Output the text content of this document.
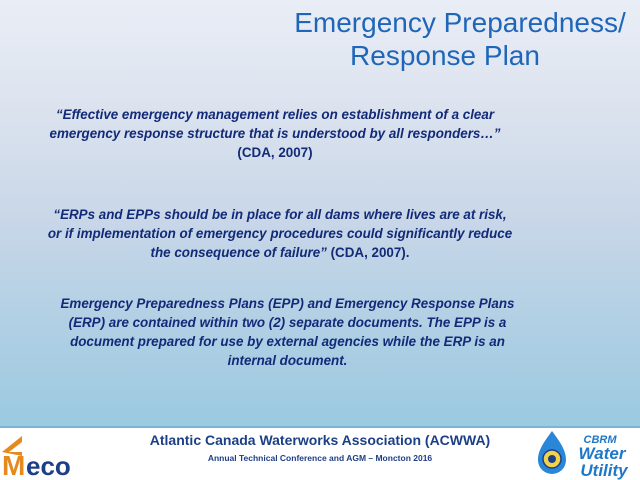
Emergency Preparedness/
Response Plan
“Effective emergency management relies on establishment of a clear emergency response structure that is understood by all responders…” (CDA, 2007)
“ERPs and EPPs should be in place for all dams where lives are at risk, or if implementation of emergency procedures could significantly reduce the consequence of failure” (CDA, 2007).
Emergency Preparedness Plans (EPP) and Emergency Response Plans (ERP) are contained within two (2) separate documents. The EPP is a document prepared for use by external agencies while the ERP is an internal document.
M eco
CBRM
Water
Utility
Atlantic Canada Waterworks Association (ACWWA)
Annual Technical Conference and AGM – Moncton 2016
